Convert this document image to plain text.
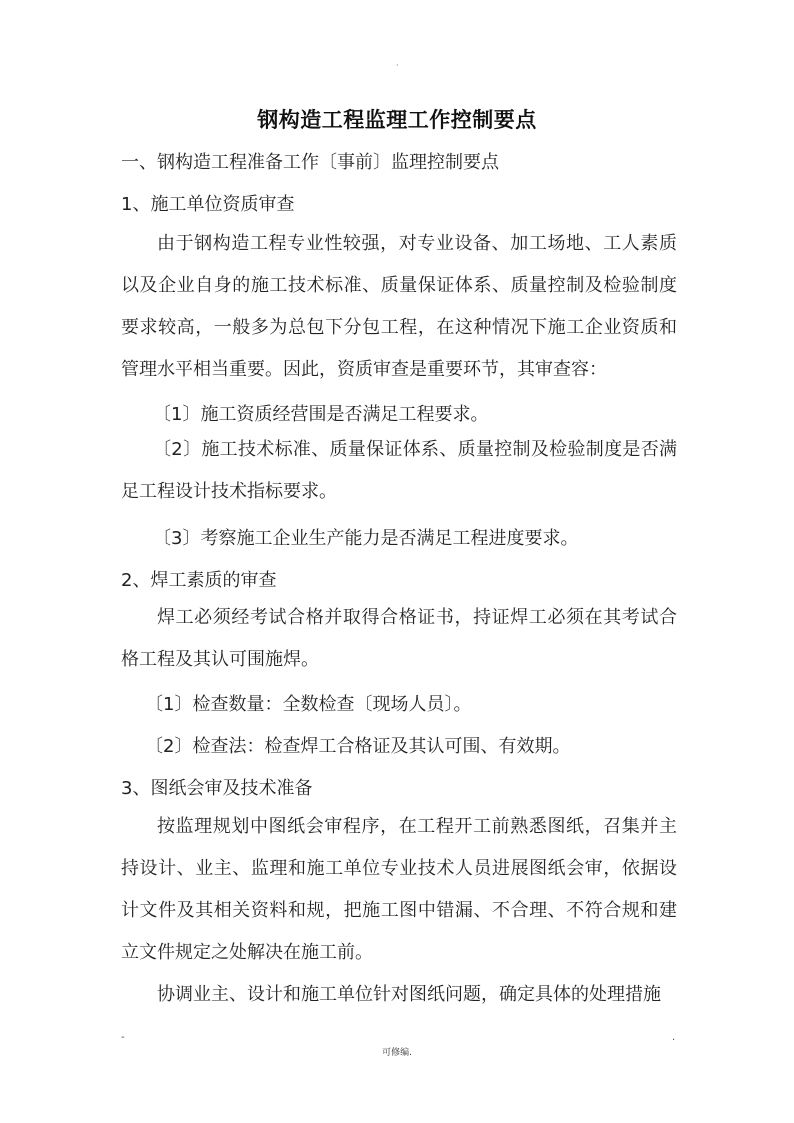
·
钢构造工程监理工作控制要点
一、钢构造工程准备工作〔事前〕监理控制要点
1、施工单位资质审查
由于钢构造工程专业性较强，对专业设备、加工场地、工人素质以及企业自身的施工技术标准、质量保证体系、质量控制及检验制度要求较高，一般多为总包下分包工程，在这种情况下施工企业资质和管理水平相当重要。因此，资质审查是重要环节，其审查容：
〔1〕施工资质经营围是否满足工程要求。
〔2〕施工技术标准、质量保证体系、质量控制及检验制度是否满足工程设计技术指标要求。
〔3〕考察施工企业生产能力是否满足工程进度要求。
2、焊工素质的审查
焊工必须经考试合格并取得合格证书，持证焊工必须在其考试合格工程及其认可围施焊。
〔1〕检查数量：全数检查〔现场人员〕。
〔2〕检查法：检查焊工合格证及其认可围、有效期。
3、图纸会审及技术准备
按监理规划中图纸会审程序，在工程开工前熟悉图纸，召集并主持设计、业主、监理和施工单位专业技术人员进展图纸会审，依据设计文件及其相关资料和规，把施工图中错漏、不合理、不符合规和建立文件规定之处解决在施工前。
协调业主、设计和施工单位针对图纸问题，确定具体的处理措施
-
可修编.
.
